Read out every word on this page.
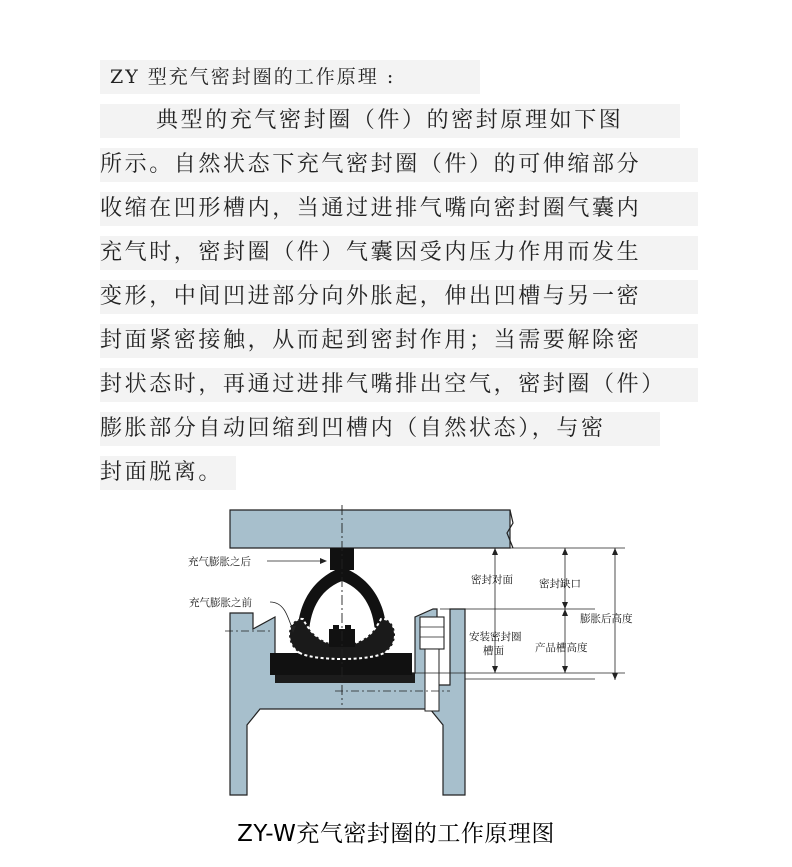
ZY 型充气密封圈的工作原理 :
典型的充气密封圈（件）的密封原理如下图
所示。自然状态下充气密封圈（件）的可伸缩部分
收缩在凹形槽内，当通过进排气嘴向密封圈气囊内
充气时，密封圈（件）气囊因受内压力作用而发生
变形，中间凹进部分向外胀起，伸出凹槽与另一密
封面紧密接触，从而起到密封作用；当需要解除密
封状态时，再通过进排气嘴排出空气，密封圈（件）
膨胀部分自动回缩到凹槽内（自然状态），与密
封面脱离。
充气膨胀之后
充气膨胀之前
密封对面 密封缺口
膨胀后高度
安装密封圈
槽面	产品槽高度
ZY-W充气密封圈的工作原理图
